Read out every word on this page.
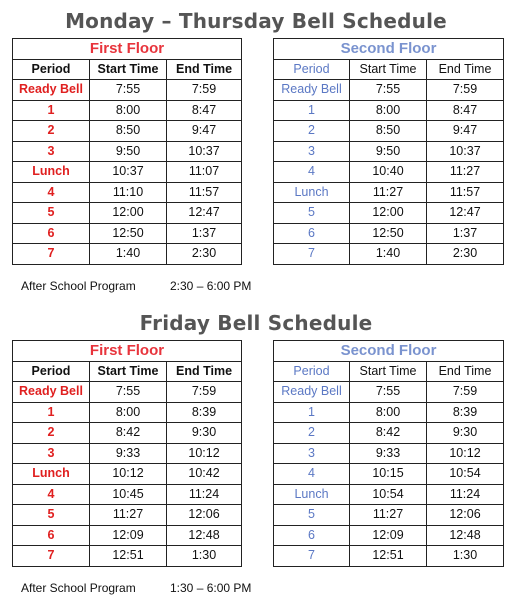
Monday – Thursday Bell Schedule
First Floor		
Period	Start Time	End Time
Ready Bell	7:55	7:59
1	8:00	8:47
2	8:50	9:47
3	9:50	10:37
Lunch	10:37	11:07
4	11:10	11:57
5	12:00	12:47
6	12:50	1:37
7	1:40	2:30
Second Floor		
Period	Start Time	End Time
Ready Bell	7:55	7:59
1	8:00	8:47
2	8:50	9:47
3	9:50	10:37
4	10:40	11:27
Lunch	11:27	11:57
5	12:00	12:47
6	12:50	1:37
7	1:40	2:30
After School Program	2:30 – 6:00 PM
Friday Bell Schedule
First Floor		
Period	Start Time	End Time
Ready Bell	7:55	7:59
1	8:00	8:39
2	8:42	9:30
3	9:33	10:12
Lunch	10:12	10:42
4	10:45	11:24
5	11:27	12:06
6	12:09	12:48
7	12:51	1:30
Second Floor		
Period	Start Time	End Time
Ready Bell	7:55	7:59
1	8:00	8:39
2	8:42	9:30
3	9:33	10:12
4	10:15	10:54
Lunch	10:54	11:24
5	11:27	12:06
6	12:09	12:48
7	12:51	1:30
After School Program	1:30 – 6:00 PM
